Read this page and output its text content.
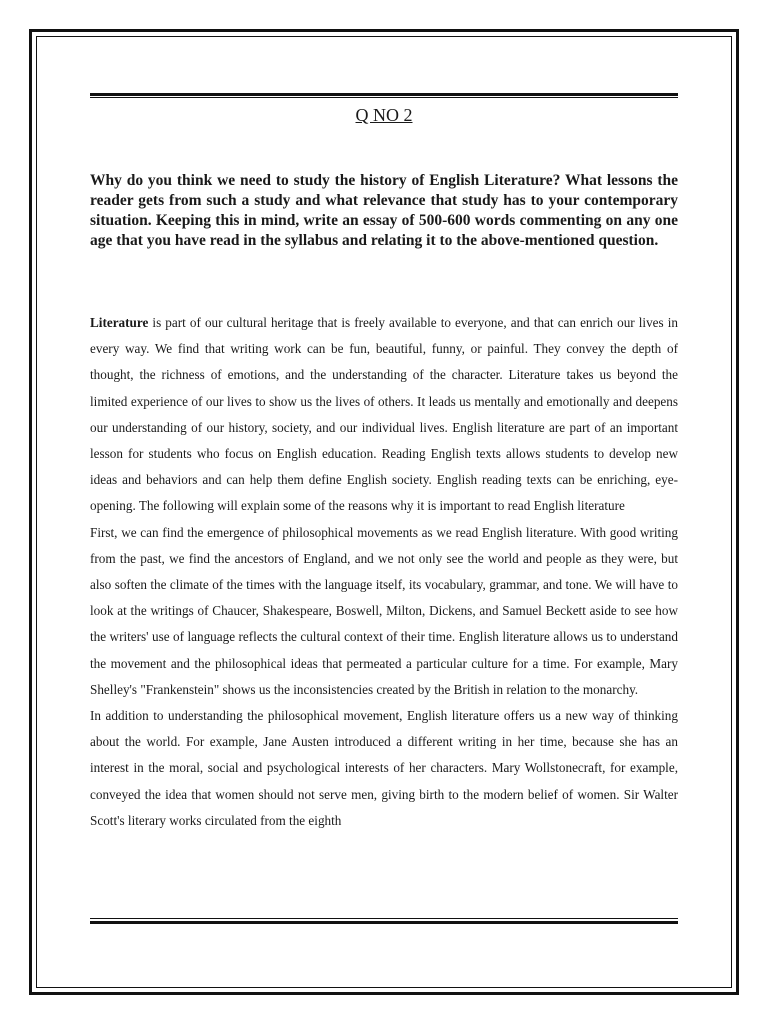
Q NO 2

Why do you think we need to study the history of English Literature? What lessons the reader gets from such a study and what relevance that study has to your contemporary situation. Keeping this in mind, write an essay of 500-600 words commenting on any one age that you have read in the syllabus and relating it to the above-mentioned question.

Literature is part of our cultural heritage that is freely available to everyone, and that can enrich our lives in every way. We find that writing work can be fun, beautiful, funny, or painful. They convey the depth of thought, the richness of emotions, and the understanding of the character. Literature takes us beyond the limited experience of our lives to show us the lives of others. It leads us mentally and emotionally and deepens our understanding of our history, society, and our individual lives. English literature are part of an important lesson for students who focus on English education. Reading English texts allows students to develop new ideas and behaviors and can help them define English society. English reading texts can be enriching, eye-opening. The following will explain some of the reasons why it is important to read English literature

First, we can find the emergence of philosophical movements as we read English literature. With good writing from the past, we find the ancestors of England, and we not only see the world and people as they were, but also soften the climate of the times with the language itself, its vocabulary, grammar, and tone. We will have to look at the writings of Chaucer, Shakespeare, Boswell, Milton, Dickens, and Samuel Beckett aside to see how the writers' use of language reflects the cultural context of their time. English literature allows us to understand the movement and the philosophical ideas that permeated a particular culture for a time. For example, Mary Shelley's "Frankenstein" shows us the inconsistencies created by the British in relation to the monarchy.

In addition to understanding the philosophical movement, English literature offers us a new way of thinking about the world. For example, Jane Austen introduced a different writing in her time, because she has an interest in the moral, social and psychological interests of her characters. Mary Wollstonecraft, for example, conveyed the idea that women should not serve men, giving birth to the modern belief of women. Sir Walter Scott's literary works circulated from the eighth
